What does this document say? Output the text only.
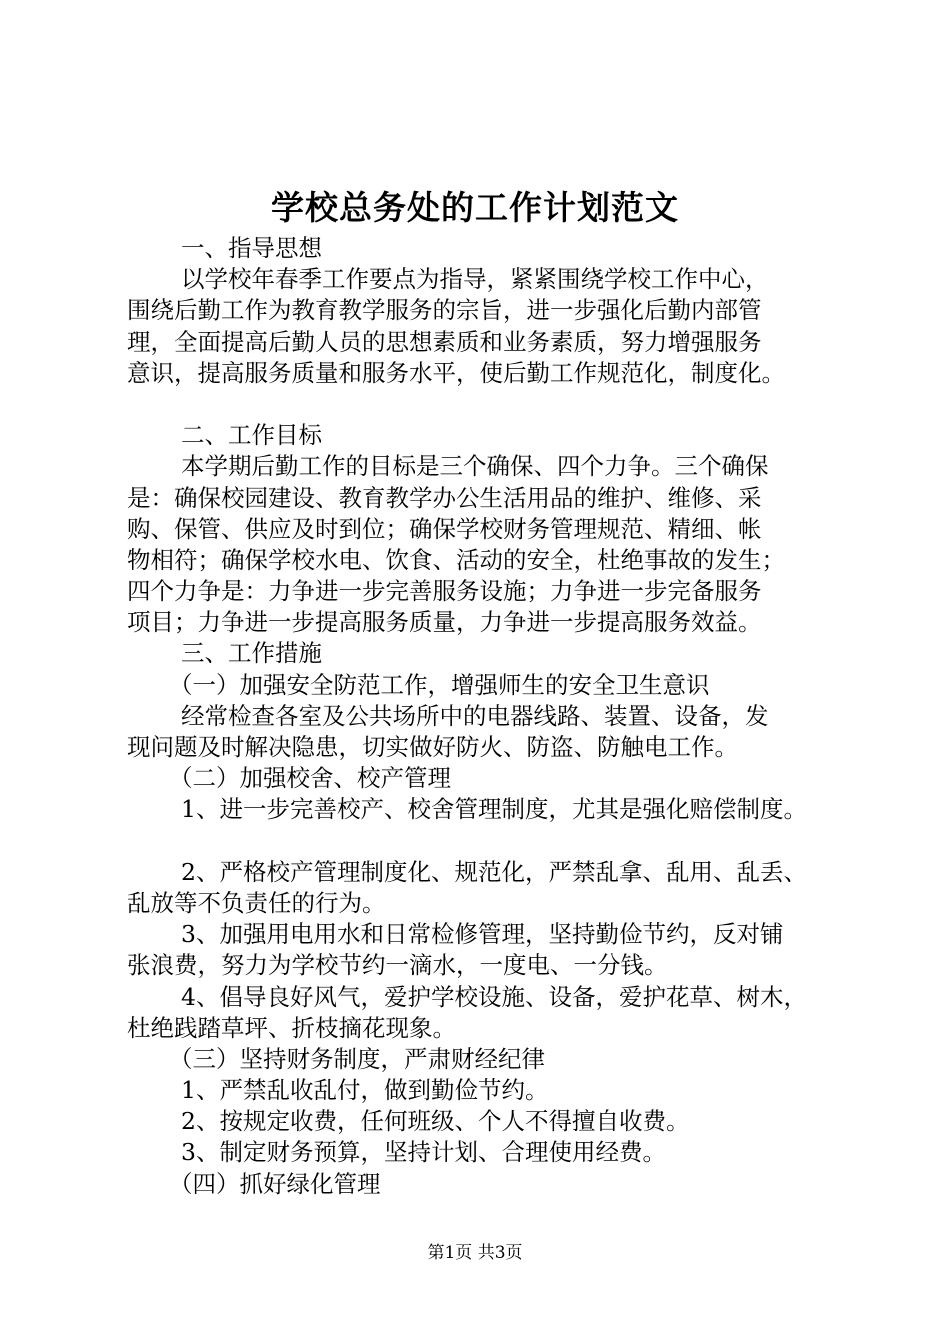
学校总务处的工作计划范文
一、指导思想
以学校年春季工作要点为指导，紧紧围绕学校工作中心，
围绕后勤工作为教育教学服务的宗旨，进一步强化后勤内部管
理，全面提高后勤人员的思想素质和业务素质，努力增强服务
意识，提高服务质量和服务水平，使后勤工作规范化，制度化。
二、工作目标
本学期后勤工作的目标是三个确保、四个力争。三个确保
是：确保校园建设、教育教学办公生活用品的维护、维修、采
购、保管、供应及时到位；确保学校财务管理规范、精细、帐
物相符；确保学校水电、饮食、活动的安全，杜绝事故的发生；
四个力争是：力争进一步完善服务设施；力争进一步完备服务
项目；力争进一步提高服务质量，力争进一步提高服务效益。
三、工作措施
（一）加强安全防范工作，增强师生的安全卫生意识
经常检查各室及公共场所中的电器线路、装置、设备，发
现问题及时解决隐患，切实做好防火、防盗、防触电工作。
（二）加强校舍、校产管理
1、进一步完善校产、校舍管理制度，尤其是强化赔偿制度。
2、严格校产管理制度化、规范化，严禁乱拿、乱用、乱丢、
乱放等不负责任的行为。
3、加强用电用水和日常检修管理，坚持勤俭节约，反对铺
张浪费，努力为学校节约一滴水，一度电、一分钱。
4、倡导良好风气，爱护学校设施、设备，爱护花草、树木，
杜绝践踏草坪、折枝摘花现象。
（三）坚持财务制度，严肃财经纪律
1、严禁乱收乱付，做到勤俭节约。
2、按规定收费，任何班级、个人不得擅自收费。
3、制定财务预算，坚持计划、合理使用经费。
（四）抓好绿化管理
第1页 共3页
